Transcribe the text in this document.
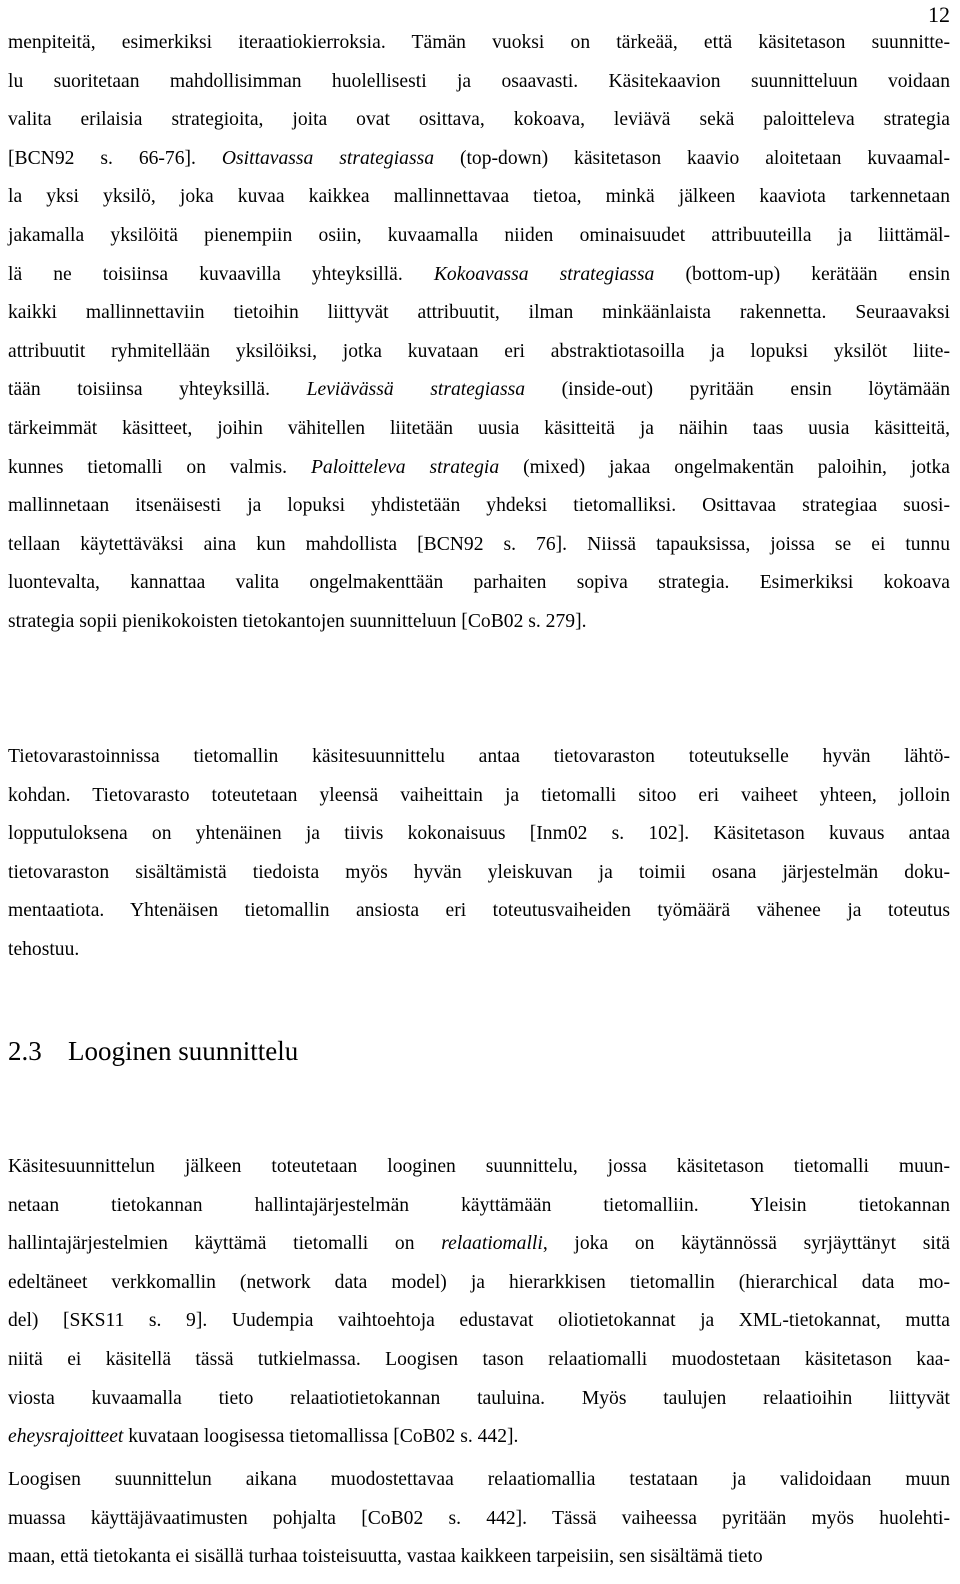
12
menpiteitä, esimerkiksi iteraatiokierroksia. Tämän vuoksi on tärkeää, että käsitetason suunnitte-
lu suoritetaan mahdollisimman huolellisesti ja osaavasti. Käsitekaavion suunnitteluun voidaan
valita erilaisia strategioita, joita ovat osittava, kokoava, leviävä sekä paloitteleva strategia
[BCN92 s. 66-76]. Osittavassa strategiassa (top-down) käsitetason kaavio aloitetaan kuvaamal-
la yksi yksilö, joka kuvaa kaikkea mallinnettavaa tietoa, minkä jälkeen kaaviota tarkennetaan
jakamalla yksilöitä pienempiin osiin, kuvaamalla niiden ominaisuudet attribuuteilla ja liittämäl-
lä ne toisiinsa kuvaavilla yhteyksillä. Kokoavassa strategiassa (bottom-up) kerätään ensin
kaikki mallinnettaviin tietoihin liittyvät attribuutit, ilman minkäänlaista rakennetta. Seuraavaksi
attribuutit ryhmitellään yksilöiksi, jotka kuvataan eri abstraktiotasoilla ja lopuksi yksilöt liite-
tään toisiinsa yhteyksillä. Leviävässä strategiassa (inside-out) pyritään ensin löytämään
tärkeimmät käsitteet, joihin vähitellen liitetään uusia käsitteitä ja näihin taas uusia käsitteitä,
kunnes tietomalli on valmis. Paloitteleva strategia (mixed) jakaa ongelmakentän paloihin, jotka
mallinnetaan itsenäisesti ja lopuksi yhdistetään yhdeksi tietomalliksi. Osittavaa strategiaa suosi-
tellaan käytettäväksi aina kun mahdollista [BCN92 s. 76]. Niissä tapauksissa, joissa se ei tunnu
luontevalta, kannattaa valita ongelmakenttään parhaiten sopiva strategia. Esimerkiksi kokoava
strategia sopii pienikokoisten tietokantojen suunnitteluun [CoB02 s. 279].
Tietovarastoinnissa tietomallin käsitesuunnittelu antaa tietovaraston toteutukselle hyvän lähtö-
kohdan. Tietovarasto toteutetaan yleensä vaiheittain ja tietomalli sitoo eri vaiheet yhteen, jolloin
lopputuloksena on yhtenäinen ja tiivis kokonaisuus [Inm02 s. 102]. Käsitetason kuvaus antaa
tietovaraston sisältämistä tiedoista myös hyvän yleiskuvan ja toimii osana järjestelmän doku-
mentaatiota. Yhtenäisen tietomallin ansiosta eri toteutusvaiheiden työmäärä vähenee ja toteutus
tehostuu.
2.3 Looginen suunnittelu
Käsitesuunnittelun jälkeen toteutetaan looginen suunnittelu, jossa käsitetason tietomalli muun-
netaan tietokannan hallintajärjestelmän käyttämään tietomalliin. Yleisin tietokannan
hallintajärjestelmien käyttämä tietomalli on relaatiomalli, joka on käytännössä syrjäyttänyt sitä
edeltäneet verkkomallin (network data model) ja hierarkkisen tietomallin (hierarchical data mo-
del) [SKS11 s. 9]. Uudempia vaihtoehtoja edustavat oliotietokannat ja XML-tietokannat, mutta
niitä ei käsitellä tässä tutkielmassa. Loogisen tason relaatiomalli muodostetaan käsitetason kaa-
viosta kuvaamalla tieto relaatiotietokannan tauluina. Myös taulujen relaatioihin liittyvät
eheysrajoitteet kuvataan loogisessa tietomallissa [CoB02 s. 442].
Loogisen suunnittelun aikana muodostettavaa relaatiomallia testataan ja validoidaan muun
muassa käyttäjävaatimusten pohjalta [CoB02 s. 442]. Tässä vaiheessa pyritään myös huolehti-
maan, että tietokanta ei sisällä turhaa toisteisuutta, vastaa kaikkeen tarpeisiin, sen sisältämä tieto
